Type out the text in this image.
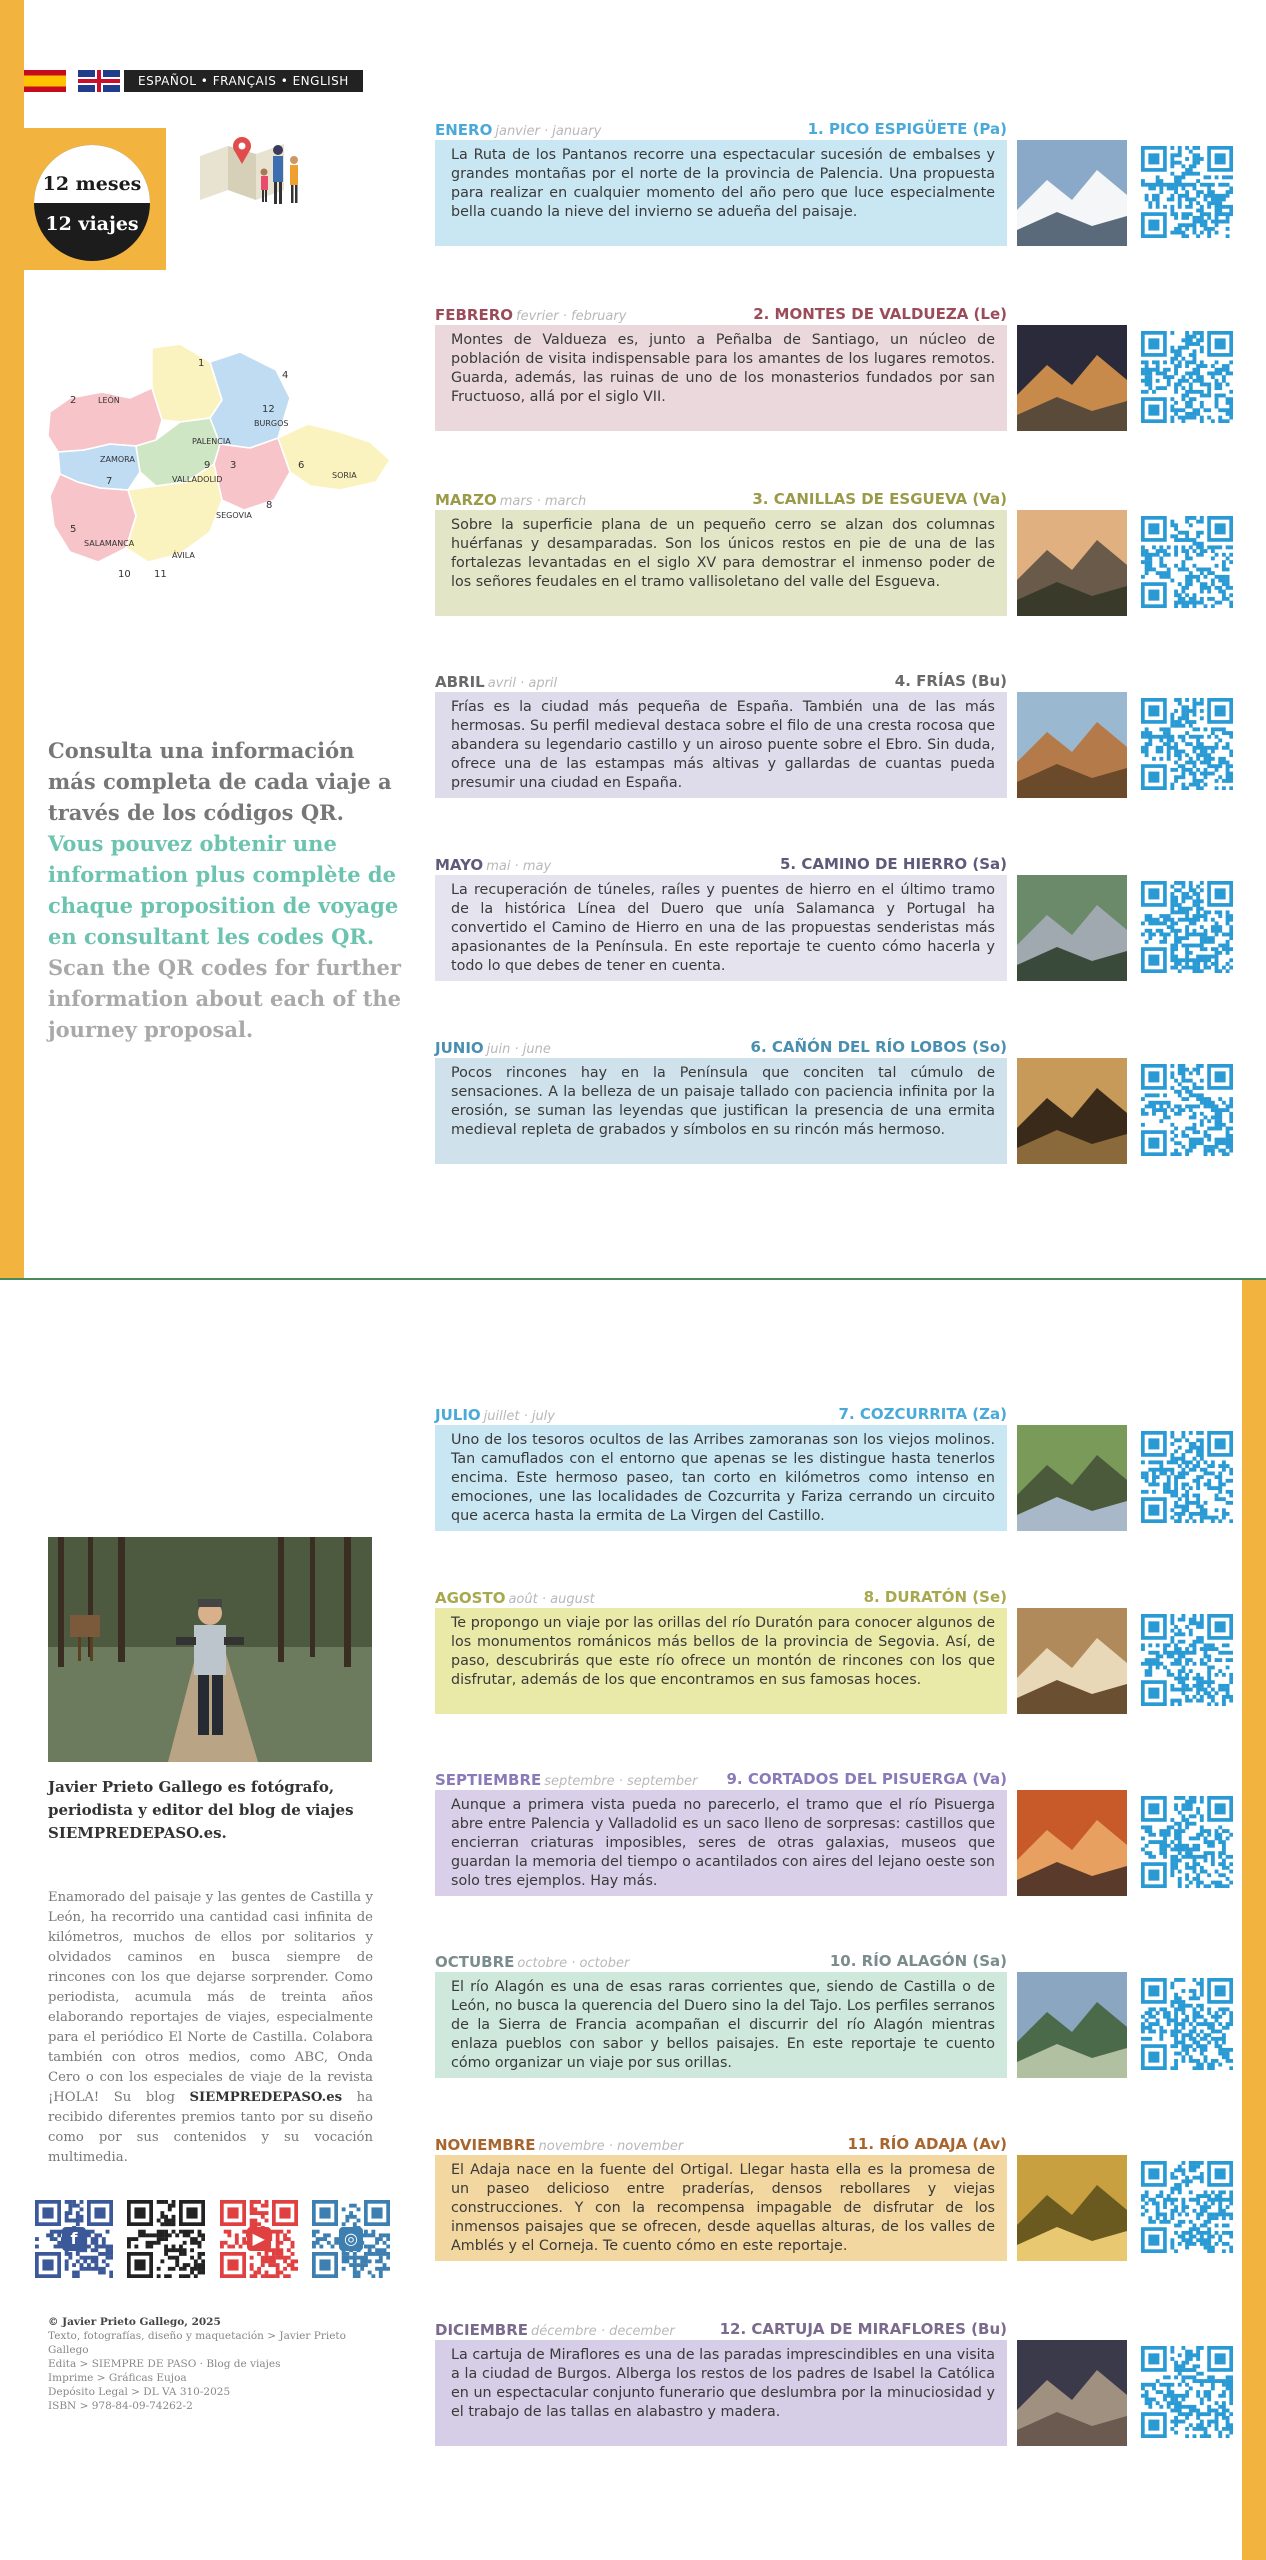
ESPAÑOL • FRANÇAIS • ENGLISH
12 meses
12 viajes
2	LEÓN
1
4
12
BURGOS
ZAMORA
7
PALENCIA
9 3	6
SORIA
VALLADOLID
8
5
SEGOVIA
SALAMANCA
ÁVILA
10 11

Consulta una información más completa de cada viaje a través de los códigos QR.

Vous pouvez obtenir une information plus complète de chaque proposition de voyage en consultant les codes QR.

Scan the QR codes for further information about each of the journey proposal.

ENERO janvier · january	1. PICO ESPIGÜETE (Pa)
La Ruta de los Pantanos recorre una espectacular sucesión de embalses y grandes montañas por el norte de la provincia de Palencia. Una propuesta para realizar en cualquier momento del año pero que luce especialmente bella cuando la nieve del invierno se adueña del paisaje.
FEBRERO fevrier · february	2. MONTES DE VALDUEZA (Le)
Montes de Valdueza es, junto a Peñalba de Santiago, un núcleo de población de visita indispensable para los amantes de los lugares remotos. Guarda, además, las ruinas de uno de los monasterios fundados por san Fructuoso, allá por el siglo VII.
MARZO mars · march	3. CANILLAS DE ESGUEVA (Va)
Sobre la superficie plana de un pequeño cerro se alzan dos columnas huérfanas y desamparadas. Son los únicos restos en pie de una de las fortalezas levantadas en el siglo XV para demostrar el inmenso poder de los señores feudales en el tramo vallisoletano del valle del Esgueva.
ABRIL avril · april	4. FRÍAS (Bu)
Frías es la ciudad más pequeña de España. También una de las más hermosas. Su perfil medieval destaca sobre el filo de una cresta rocosa que abandera su legendario castillo y un airoso puente sobre el Ebro. Sin duda, ofrece una de las estampas más altivas y gallardas de cuantas pueda presumir una ciudad en España.
MAYO mai · may	5. CAMINO DE HIERRO (Sa)
La recuperación de túneles, raíles y puentes de hierro en el último tramo de la histórica Línea del Duero que unía Salamanca y Portugal ha convertido el Camino de Hierro en una de las propuestas senderistas más apasionantes de la Península. En este reportaje te cuento cómo hacerla y todo lo que debes de tener en cuenta.
JUNIO juin · june	6. CAÑÓN DEL RÍO LOBOS (So)
Pocos rincones hay en la Península que conciten tal cúmulo de sensaciones. A la belleza de un paisaje tallado con paciencia infinita por la erosión, se suman las leyendas que justifican la presencia de una ermita medieval repleta de grabados y símbolos en su rincón más hermoso.
Javier Prieto Gallego es fotógrafo, periodista y editor del blog de viajes SIEMPREDEPASO.es.
Enamorado del paisaje y las gentes de Castilla y León, ha recorrido una cantidad casi infinita de kilómetros, muchos de ellos por solitarios y olvidados caminos en busca siempre de rincones con los que dejarse sorprender. Como periodista, acumula más de treinta años elaborando reportajes de viajes, especialmente para el periódico El Norte de Castilla. Colabora también con otros medios, como ABC, Onda Cero o con los especiales de viaje de la revista ¡HOLA! Su blog SIEMPREDEPASO.es ha recibido diferentes premios tanto por su diseño como por sus contenidos y su vocación multimedia.
f	▶	◎
© Javier Prieto Gallego, 2025
Texto, fotografías, diseño y maquetación > Javier Prieto Gallego
Edita > SIEMPRE DE PASO · Blog de viajes
Imprime > Gráficas Eujoa
Depósito Legal > DL VA 310-2025
ISBN > 978-84-09-74262-2
JULIO juillet · july	7. COZCURRITA (Za)
Uno de los tesoros ocultos de las Arribes zamoranas son los viejos molinos. Tan camuflados con el entorno que apenas se les distingue hasta tenerlos encima. Este hermoso paseo, tan corto en kilómetros como intenso en emociones, une las localidades de Cozcurrita y Fariza cerrando un circuito que acerca hasta la ermita de La Virgen del Castillo.
AGOSTO août · august	8. DURATÓN (Se)
Te propongo un viaje por las orillas del río Duratón para conocer algunos de los monumentos románicos más bellos de la provincia de Segovia. Así, de paso, descubrirás que este río ofrece un montón de rincones con los que disfrutar, además de los que encontramos en sus famosas hoces.
SEPTIEMBRE septembre · september 9. CORTADOS DEL PISUERGA (Va)
Aunque a primera vista pueda no parecerlo, el tramo que el río Pisuerga abre entre Palencia y Valladolid es un saco lleno de sorpresas: castillos que encierran criaturas imposibles, seres de otras galaxias, museos que guardan la memoria del tiempo o acantilados con aires del lejano oeste son solo tres ejemplos. Hay más.
OCTUBRE octobre · october	10. RÍO ALAGÓN (Sa)
El río Alagón es una de esas raras corrientes que, siendo de Castilla o de León, no busca la querencia del Duero sino la del Tajo. Los perfiles serranos de la Sierra de Francia acompañan el discurrir del río Alagón mientras enlaza pueblos con sabor y bellos paisajes. En este reportaje te cuento cómo organizar un viaje por sus orillas.
NOVIEMBRE novembre · november	11. RÍO ADAJA (Av)
El Adaja nace en la fuente del Ortigal. Llegar hasta ella es la promesa de un paseo delicioso entre praderías, densos rebollares y viejas construcciones. Y con la recompensa impagable de disfrutar de los inmensos paisajes que se ofrecen, desde aquellas alturas, de los valles de Amblés y el Corneja. Te cuento cómo en este reportaje.
DICIEMBRE décembre · december	12. CARTUJA DE MIRAFLORES (Bu)
La cartuja de Miraflores es una de las paradas imprescindibles en una visita a la ciudad de Burgos. Alberga los restos de los padres de Isabel la Católica en un espectacular conjunto funerario que deslumbra por la minuciosidad y el trabajo de las tallas en alabastro y madera.
